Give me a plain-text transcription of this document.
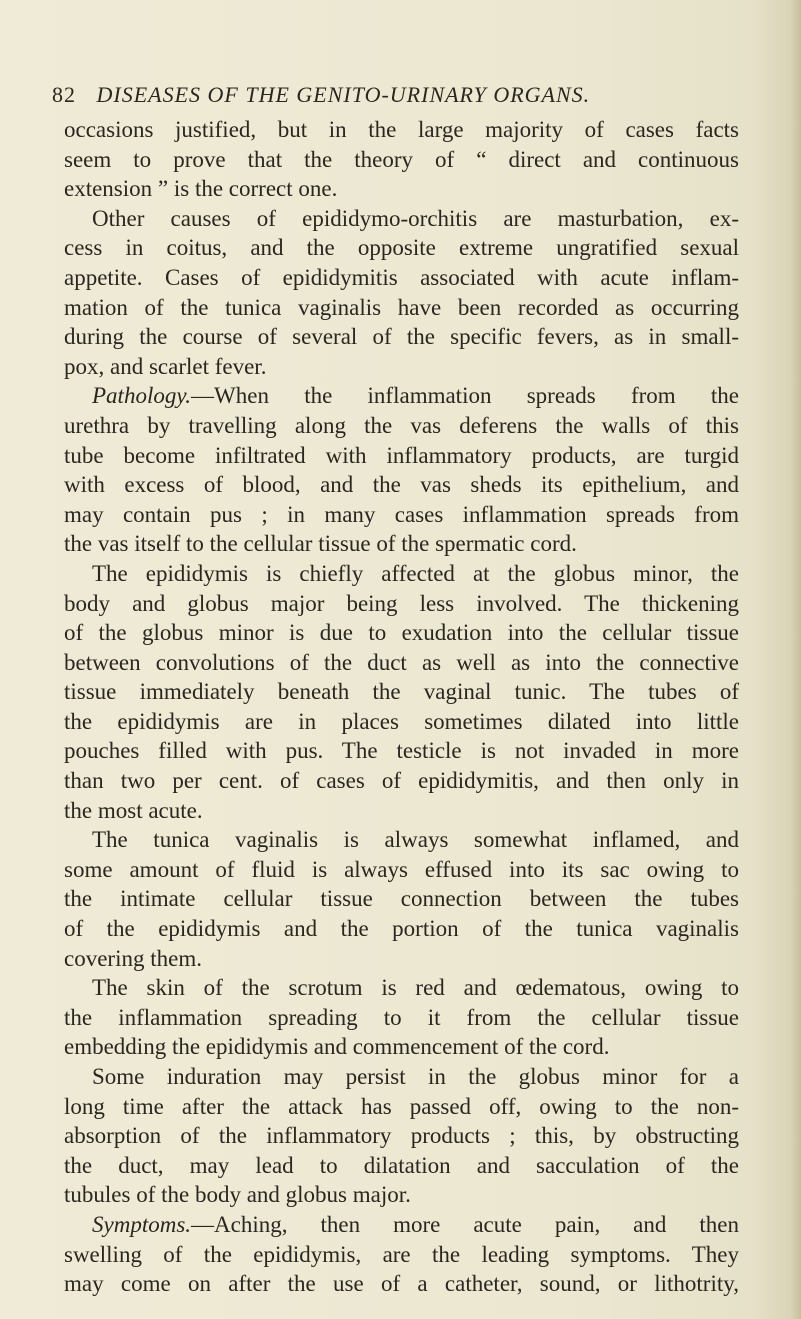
82 DISEASES OF THE GENITO-URINARY ORGANS.
occasions justified, but in the large majority of cases facts
seem to prove that the theory of “ direct and continuous
extension ” is the correct one.
Other causes of epididymo-orchitis are masturbation, ex-
cess in coitus, and the opposite extreme ungratified sexual
appetite. Cases of epididymitis associated with acute inflam-
mation of the tunica vaginalis have been recorded as occurring
during the course of several of the specific fevers, as in small-
pox, and scarlet fever.
Pathology.—When the inflammation spreads from the
urethra by travelling along the vas deferens the walls of this
tube become infiltrated with inflammatory products, are turgid
with excess of blood, and the vas sheds its epithelium, and
may contain pus ; in many cases inflammation spreads from
the vas itself to the cellular tissue of the spermatic cord.
The epididymis is chiefly affected at the globus minor, the
body and globus major being less involved. The thickening
of the globus minor is due to exudation into the cellular tissue
between convolutions of the duct as well as into the connective
tissue immediately beneath the vaginal tunic. The tubes of
the epididymis are in places sometimes dilated into little
pouches filled with pus. The testicle is not invaded in more
than two per cent. of cases of epididymitis, and then only in
the most acute.
The tunica vaginalis is always somewhat inflamed, and
some amount of fluid is always effused into its sac owing to
the intimate cellular tissue connection between the tubes
of the epididymis and the portion of the tunica vaginalis
covering them.
The skin of the scrotum is red and œdematous, owing to
the inflammation spreading to it from the cellular tissue
embedding the epididymis and commencement of the cord.
Some induration may persist in the globus minor for a
long time after the attack has passed off, owing to the non-
absorption of the inflammatory products ; this, by obstructing
the duct, may lead to dilatation and sacculation of the
tubules of the body and globus major.
Symptoms.—Aching, then more acute pain, and then
swelling of the epididymis, are the leading symptoms. They
may come on after the use of a catheter, sound, or lithotrity,
